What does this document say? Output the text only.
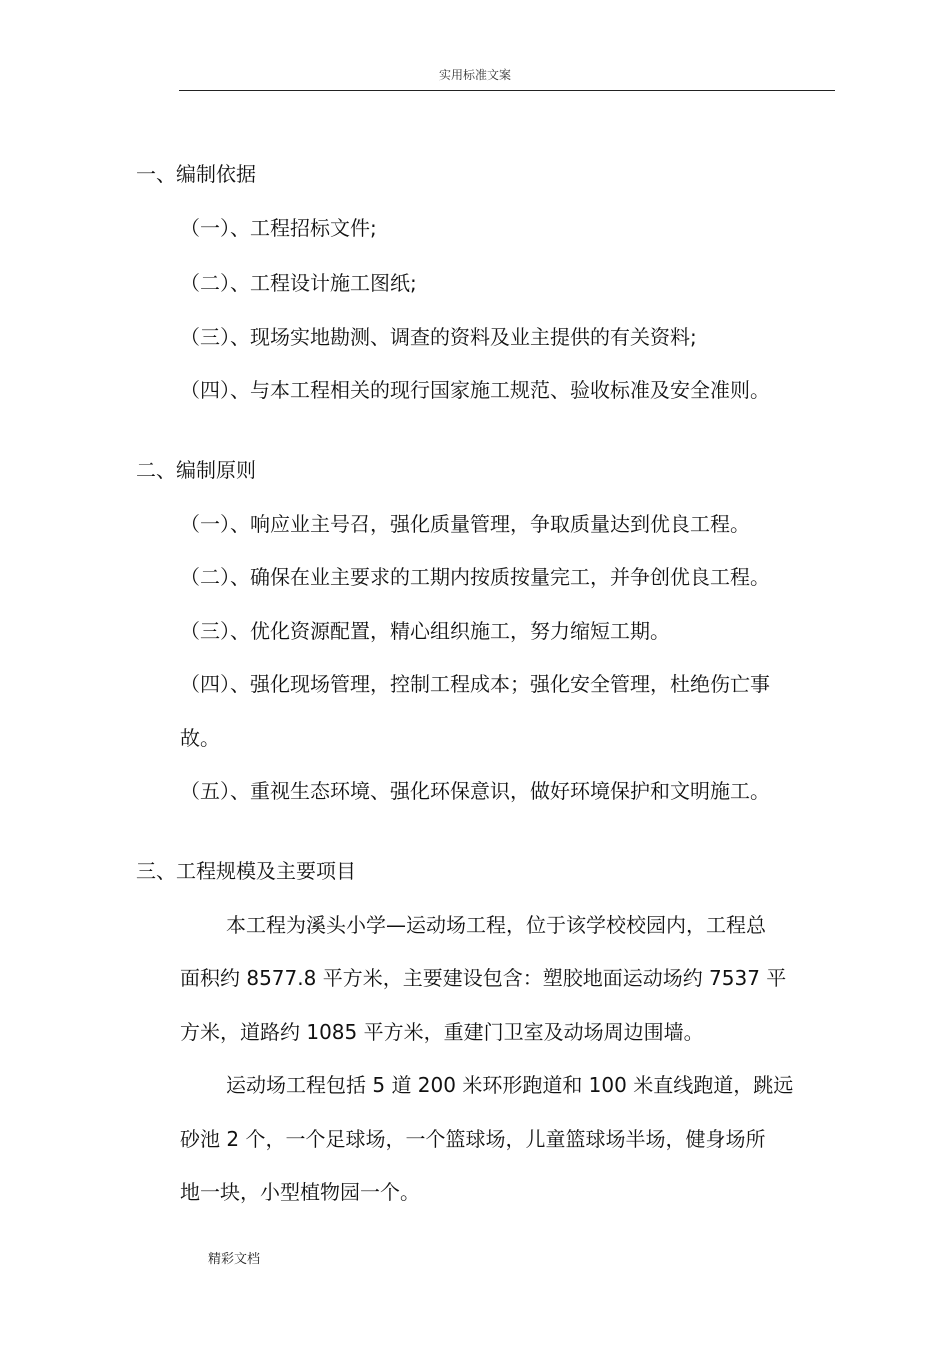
实用标准文案
一、编制依据
（一）、工程招标文件;
（二）、工程设计施工图纸;
（三）、现场实地勘测、调查的资料及业主提供的有关资料;
（四）、与本工程相关的现行国家施工规范、验收标准及安全准则。
二、编制原则
（一）、响应业主号召，强化质量管理，争取质量达到优良工程。
（二）、确保在业主要求的工期内按质按量完工，并争创优良工程。
（三）、优化资源配置，精心组织施工，努力缩短工期。
（四）、强化现场管理，控制工程成本；强化安全管理，杜绝伤亡事
故。
（五）、重视生态环境、强化环保意识，做好环境保护和文明施工。
三、工程规模及主要项目
本工程为溪头小学—运动场工程，位于该学校校园内，工程总
面积约 8577.8 平方米，主要建设包含：塑胶地面运动场约 7537 平
方米，道路约 1085 平方米，重建门卫室及动场周边围墙。
运动场工程包括 5 道 200 米环形跑道和 100 米直线跑道，跳远
砂池 2 个，一个足球场，一个篮球场，儿童篮球场半场，健身场所
地一块，小型植物园一个。
精彩文档
